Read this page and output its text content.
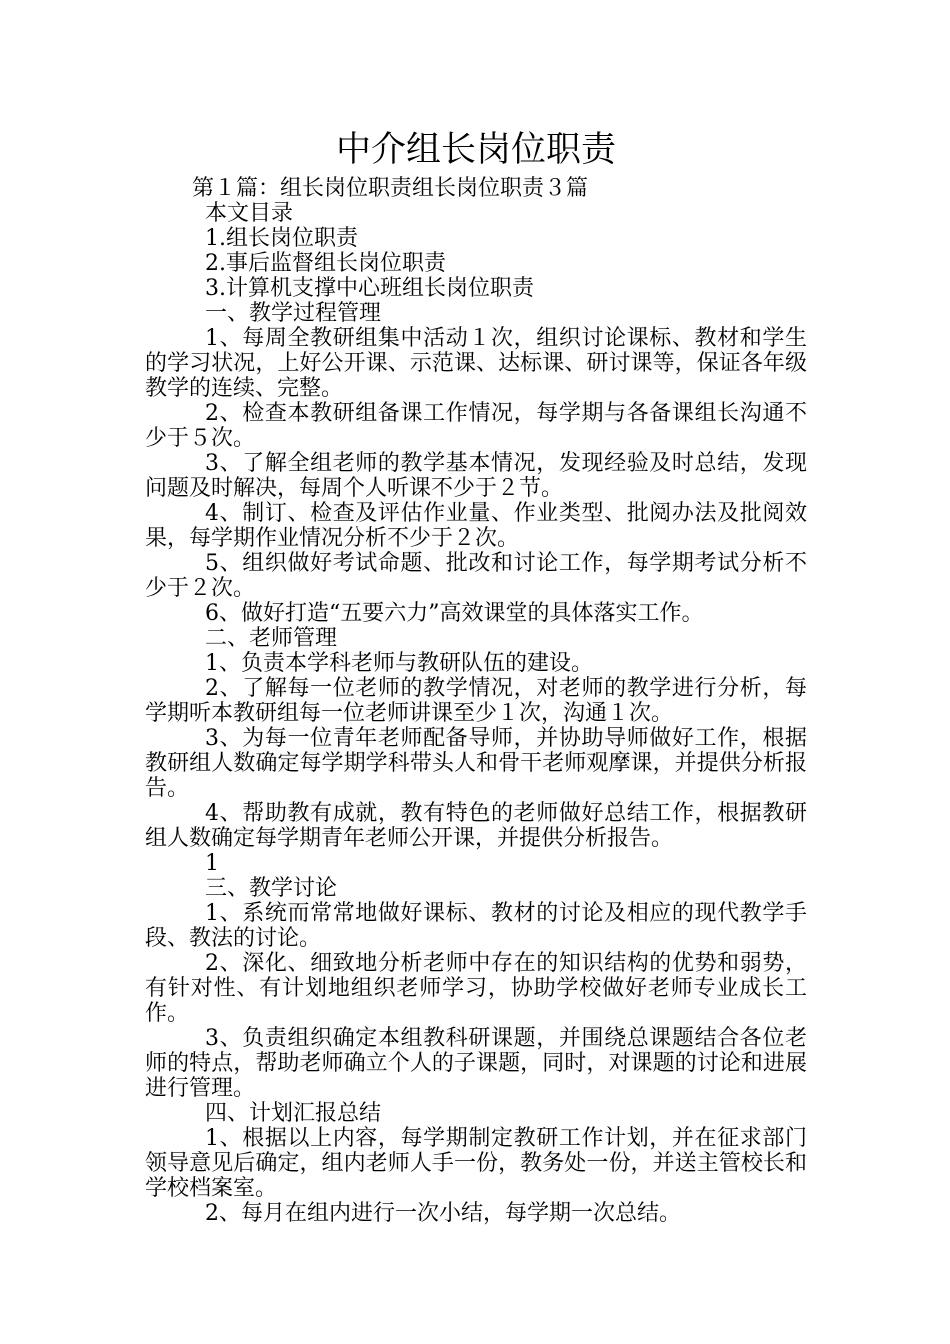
中介组长岗位职责

第１篇：组长岗位职责组长岗位职责３篇

本文目录

1.组长岗位职责

2.事后监督组长岗位职责

3.计算机支撑中心班组长岗位职责

一、教学过程管理

1、每周全教研组集中活动１次，组织讨论课标、教材和学生的学习状况，上好公开课、示范课、达标课、研讨课等，保证各年级教学的连续、完整。

2、检查本教研组备课工作情况，每学期与各备课组长沟通不少于５次。

3、了解全组老师的教学基本情况，发现经验及时总结，发现问题及时解决，每周个人听课不少于２节。

4、制订、检查及评估作业量、作业类型、批阅办法及批阅效果，每学期作业情况分析不少于２次。

5、组织做好考试命题、批改和讨论工作，每学期考试分析不少于２次。

6、做好打造“五要六力”高效课堂的具体落实工作。

二、老师管理

1、负责本学科老师与教研队伍的建设。

2、了解每一位老师的教学情况，对老师的教学进行分析，每学期听本教研组每一位老师讲课至少１次，沟通１次。

3、为每一位青年老师配备导师，并协助导师做好工作，根据教研组人数确定每学期学科带头人和骨干老师观摩课，并提供分析报告。

4、帮助教有成就，教有特色的老师做好总结工作，根据教研组人数确定每学期青年老师公开课，并提供分析报告。

1

三、教学讨论

1、系统而常常地做好课标、教材的讨论及相应的现代教学手段、教法的讨论。

2、深化、细致地分析老师中存在的知识结构的优势和弱势，有针对性、有计划地组织老师学习，协助学校做好老师专业成长工作。

3、负责组织确定本组教科研课题，并围绕总课题结合各位老师的特点，帮助老师确立个人的子课题，同时，对课题的讨论和进展进行管理。

四、计划汇报总结

1、根据以上内容，每学期制定教研工作计划，并在征求部门领导意见后确定，组内老师人手一份，教务处一份，并送主管校长和学校档案室。

2、每月在组内进行一次小结，每学期一次总结。
